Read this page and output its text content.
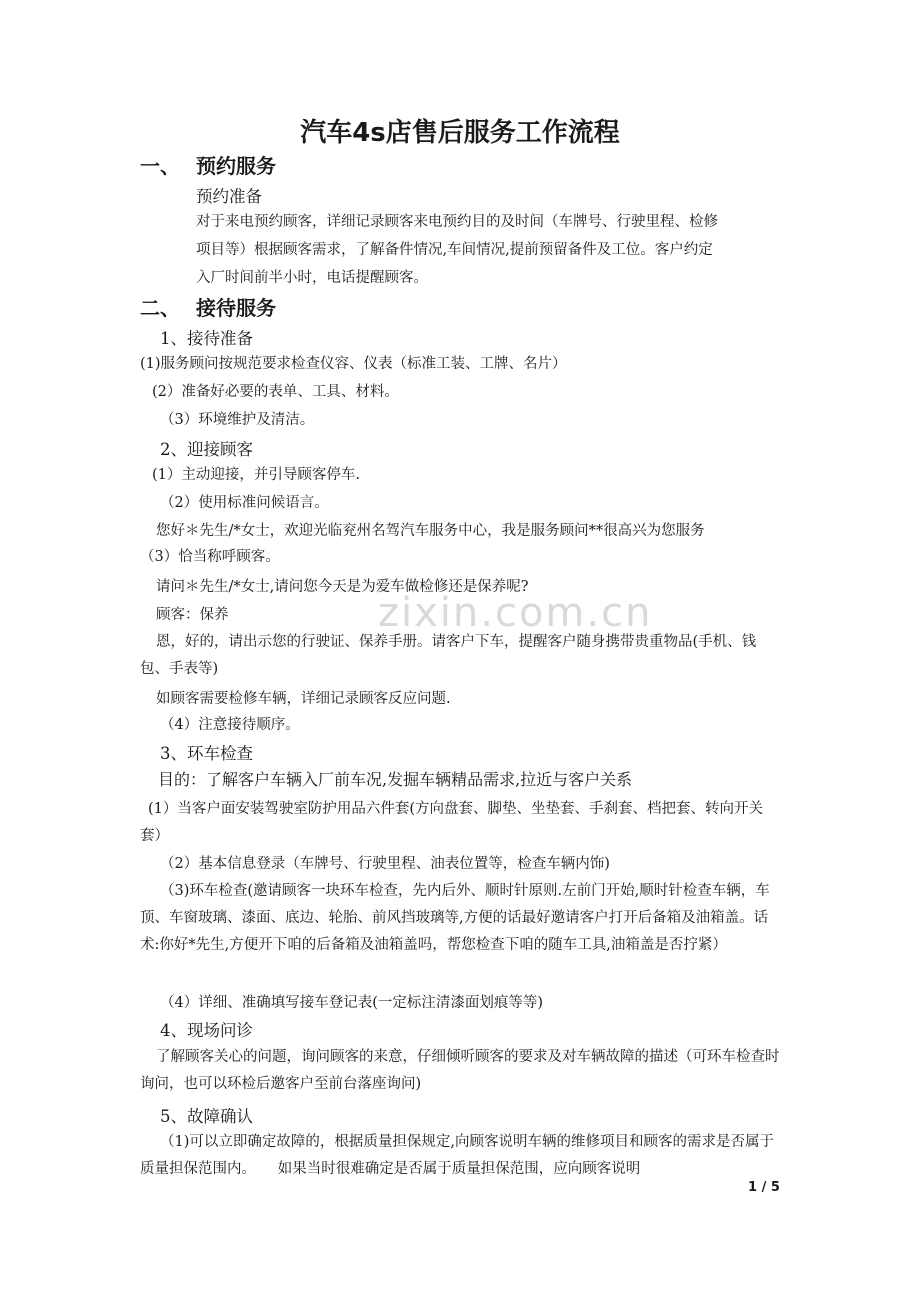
汽车4s店售后服务工作流程
一、 预约服务
预约准备
对于来电预约顾客，详细记录顾客来电预约目的及时间（车牌号、行驶里程、检修
项目等）根据顾客需求，了解备件情况,车间情况,提前预留备件及工位。客户约定
入厂时间前半小时，电话提醒顾客。
二、 接待服务
1、接待准备
(1)服务顾问按规范要求检查仪容、仪表（标准工装、工牌、名片）
(2）准备好必要的表单、工具、材料。
（3）环境维护及清洁。
2、迎接顾客
(1）主动迎接，并引导顾客停车.
（2）使用标准问候语言。
您好＊先生/*女士，欢迎光临兖州名驾汽车服务中心，我是服务顾问**很高兴为您服务
（3）恰当称呼顾客。
请问＊先生/*女士,请问您今天是为爱车做检修还是保养呢?
顾客：保养
恩，好的，请出示您的行驶证、保养手册。请客户下车，提醒客户随身携带贵重物品(手机、钱包、手表等)
如顾客需要检修车辆，详细记录顾客反应问题.
（4）注意接待顺序。
3、环车检查
目的：了解客户车辆入厂前车况,发掘车辆精品需求,拉近与客户关系
(1）当客户面安装驾驶室防护用品六件套(方向盘套、脚垫、坐垫套、手刹套、档把套、转向开关套）
（2）基本信息登录（车牌号、行驶里程、油表位置等，检查车辆内饰)
（3)环车检查(邀请顾客一块环车检查，先内后外、顺时针原则.左前门开始,顺时针检查车辆，车顶、车窗玻璃、漆面、底边、轮胎、前风挡玻璃等,方便的话最好邀请客户打开后备箱及油箱盖。话术:你好*先生,方便开下咱的后备箱及油箱盖吗，帮您检查下咱的随车工具,油箱盖是否拧紧）
（4）详细、准确填写接车登记表(一定标注清漆面划痕等等)
4、现场问诊
了解顾客关心的问题，询问顾客的来意，仔细倾听顾客的要求及对车辆故障的描述（可环车检查时询问，也可以环检后邀客户至前台落座询问)
5、故障确认
（1)可以立即确定故障的，根据质量担保规定,向顾客说明车辆的维修项目和顾客的需求是否属于质量担保范围内。　　如果当时很难确定是否属于质量担保范围，应向顾客说明
zixin.com.cn
1 / 5
